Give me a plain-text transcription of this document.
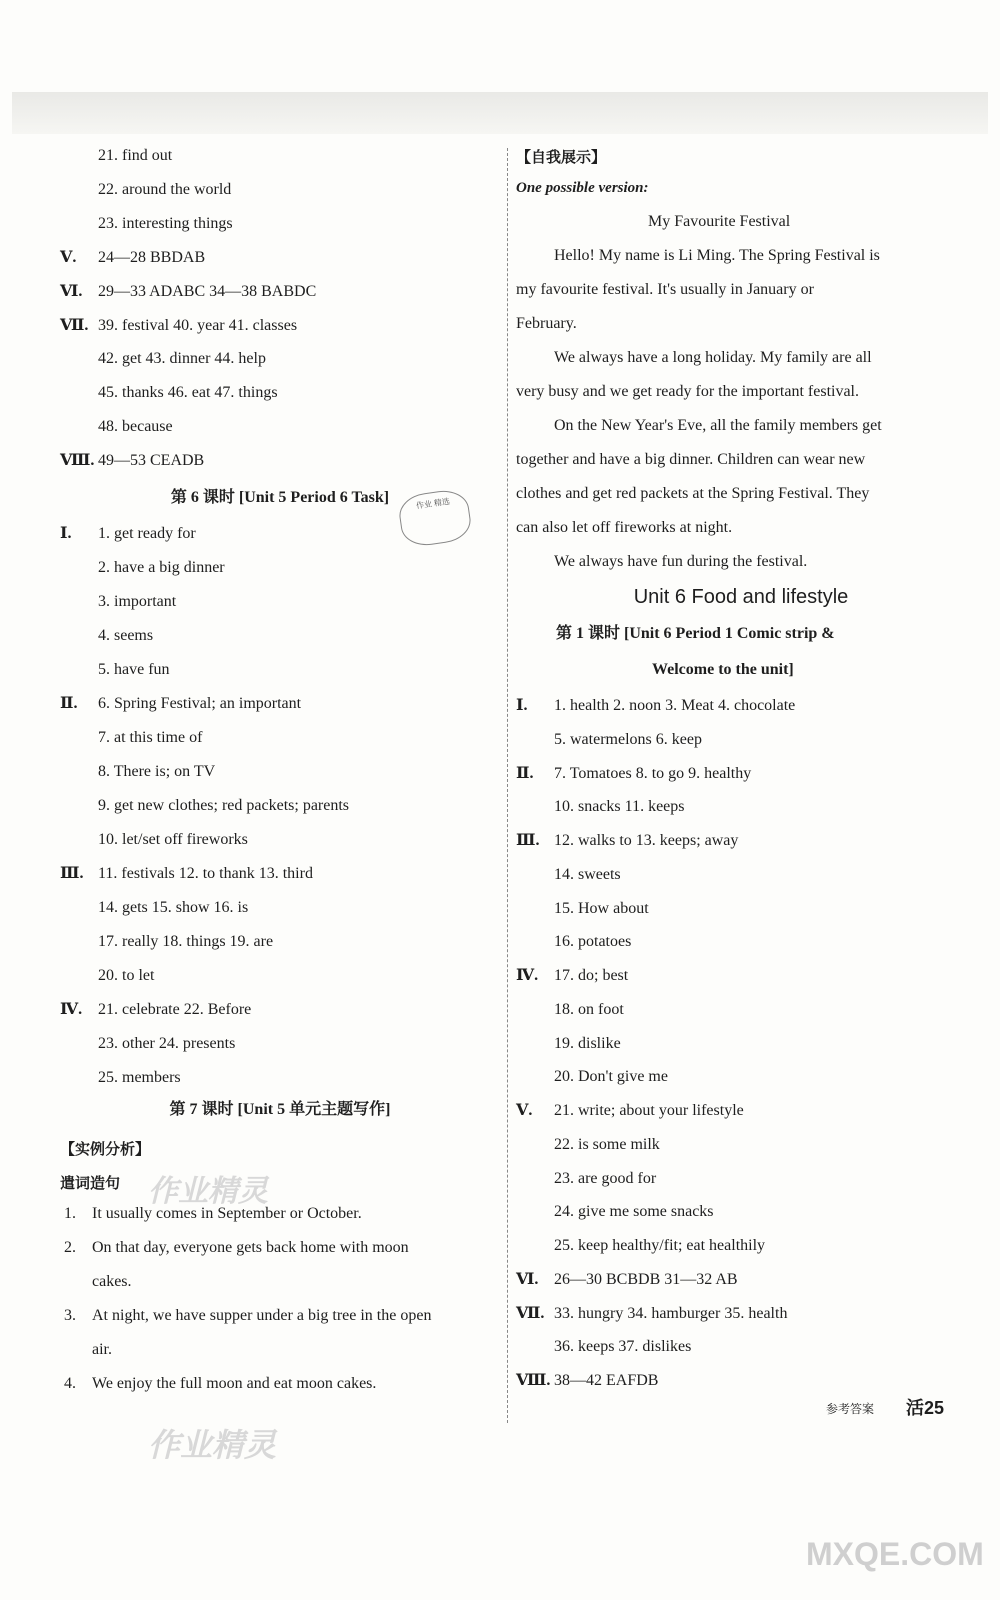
21. find out
22. around the world
23. interesting things
Ⅴ. 24—28 BBDAB
Ⅵ. 29—33 ADABC 34—38 BABDC
Ⅶ. 39. festival 40. year 41. classes
42. get 43. dinner 44. help
45. thanks 46. eat 47. things
48. because
Ⅷ. 49—53 CEADB
第 6 课时 [Unit 5 Period 6 Task]
Ⅰ. 1. get ready for
2. have a big dinner
3. important
4. seems
5. have fun
Ⅱ. 6. Spring Festival; an important
7. at this time of
8. There is; on TV
9. get new clothes; red packets; parents
10. let/set off fireworks
Ⅲ. 11. festivals 12. to thank 13. third
14. gets 15. show 16. is
17. really 18. things 19. are
20. to let
Ⅳ. 21. celebrate 22. Before
23. other 24. presents
25. members
第 7 课时 [Unit 5 单元主题写作]
【实例分析】
遣词造句
1. It usually comes in September or October.
2. On that day, everyone gets back home with moon
cakes.
3. At night, we have supper under a big tree in the open
air.
4. We enjoy the full moon and eat moon cakes.
作业 精选
【自我展示】
One possible version:
My Favourite Festival
Hello! My name is Li Ming. The Spring Festival is
my favourite festival. It's usually in January or
February.
We always have a long holiday. My family are all
very busy and we get ready for the important festival.
On the New Year's Eve, all the family members get
together and have a big dinner. Children can wear new
clothes and get red packets at the Spring Festival. They
can also let off fireworks at night.
We always have fun during the festival.
Unit 6 Food and lifestyle
第 1 课时 [Unit 6 Period 1 Comic strip &
Welcome to the unit]
Ⅰ. 1. health 2. noon 3. Meat 4. chocolate
5. watermelons 6. keep
Ⅱ. 7. Tomatoes 8. to go 9. healthy
10. snacks 11. keeps
Ⅲ. 12. walks to 13. keeps; away
14. sweets
15. How about
16. potatoes
Ⅳ. 17. do; best
18. on foot
19. dislike
20. Don't give me
Ⅴ. 21. write; about your lifestyle
22. is some milk
23. are good for
24. give me some snacks
25. keep healthy/fit; eat healthily
Ⅵ. 26—30 BCBDB 31—32 AB
Ⅶ. 33. hungry 34. hamburger 35. health
36. keeps 37. dislikes
Ⅷ. 38—42 EAFDB
参考答案 活25
作业精灵
作业精灵
MXQE.COM
